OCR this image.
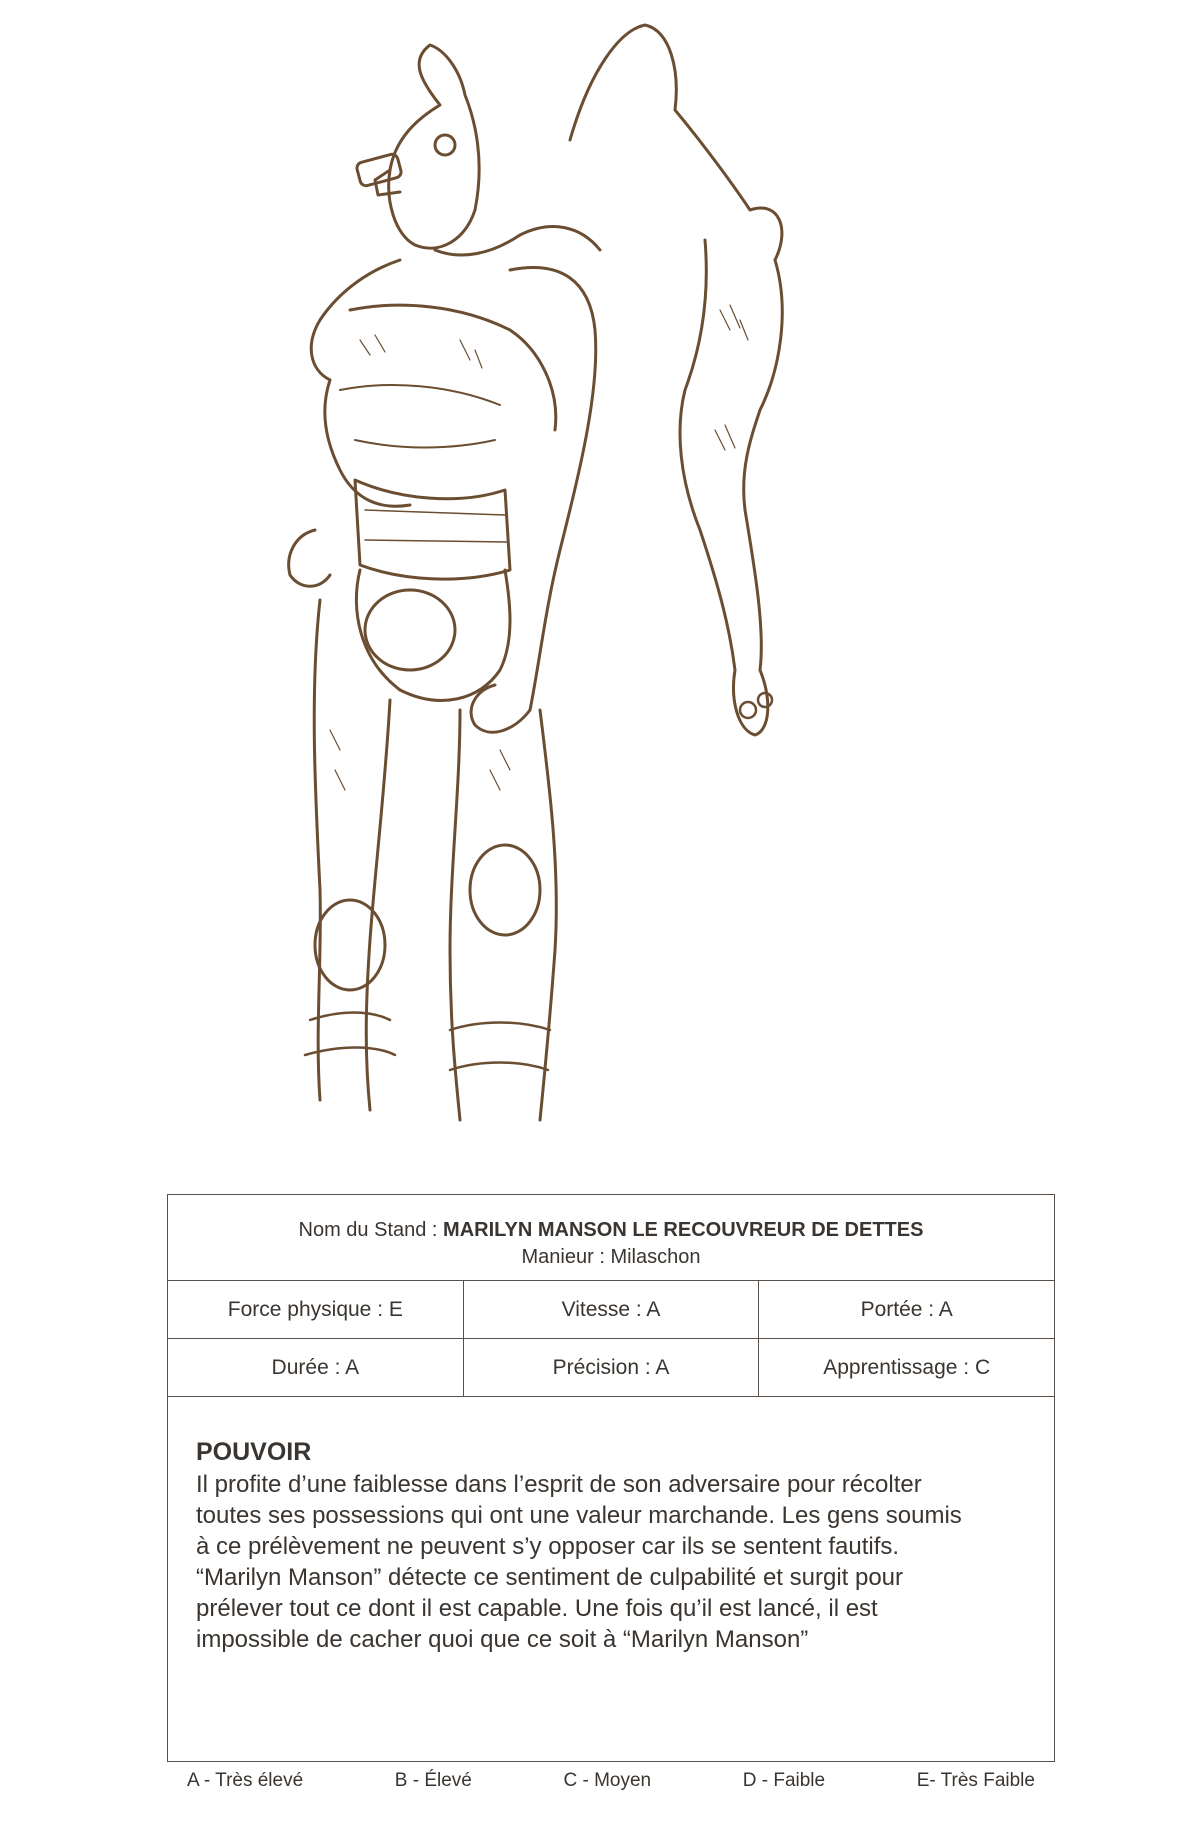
Nom du Stand : MARILYN MANSON LE RECOUVREUR DE DETTES
Manieur : Milaschon
Force physique : E	Vitesse : A	Portée : A
Durée : A	Précision : A	Apprentissage : C
POUVOIR
Il profite d’une faiblesse dans l’esprit de son adversaire pour récolter
toutes ses possessions qui ont une valeur marchande. Les gens soumis
à ce prélèvement ne peuvent s’y opposer car ils se sentent fautifs.
“Marilyn Manson” détecte ce sentiment de culpabilité et surgit pour
prélever tout ce dont il est capable. Une fois qu’il est lancé, il est
impossible de cacher quoi que ce soit à “Marilyn Manson”
A - Très élevé	B - Élevé	C - Moyen	D - Faible	E- Très Faible
